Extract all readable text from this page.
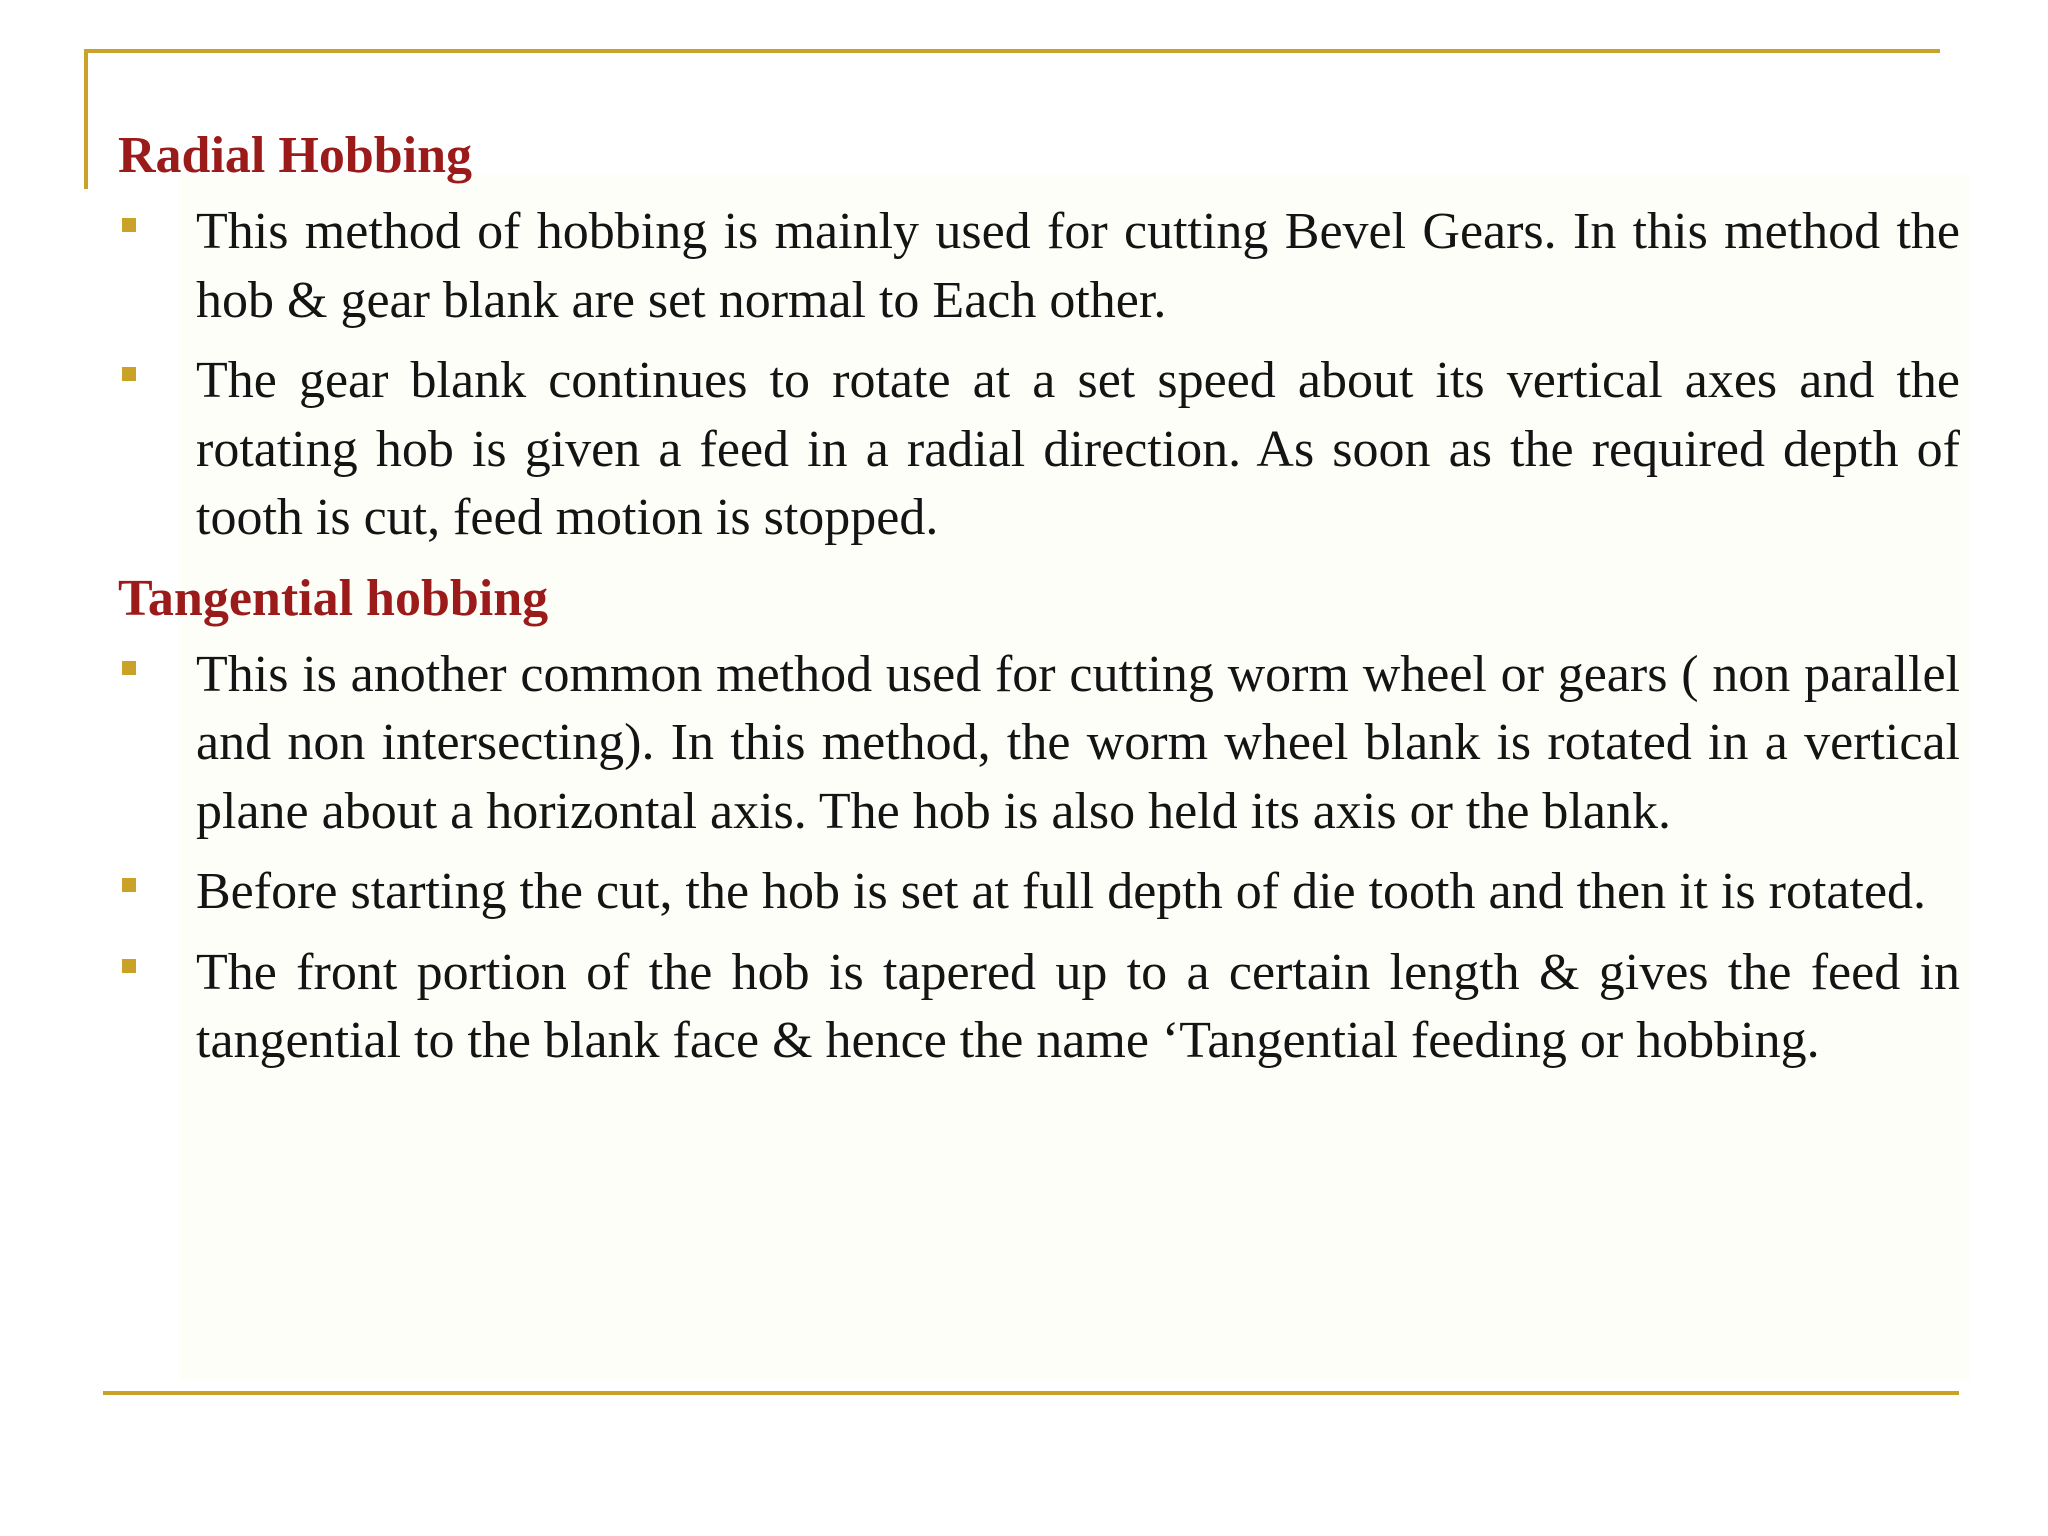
Radial Hobbing
This method of hobbing is mainly used for cutting Bevel Gears. In this method the hob & gear blank are set normal to Each other.
The gear blank continues to rotate at a set speed about its vertical axes and the rotating hob is given a feed in a radial direction. As soon as the required depth of tooth is cut, feed motion is stopped.
Tangential hobbing
This is another common method used for cutting worm wheel or gears ( non parallel and non intersecting). In this method, the worm wheel blank is rotated in a vertical plane about a horizontal axis. The hob is also held its axis or the blank.
Before starting the cut, the hob is set at full depth of die tooth and then it is rotated.
The front portion of the hob is tapered up to a certain length & gives the feed in tangential to the blank face & hence the name ‘Tangential feeding or hobbing.
